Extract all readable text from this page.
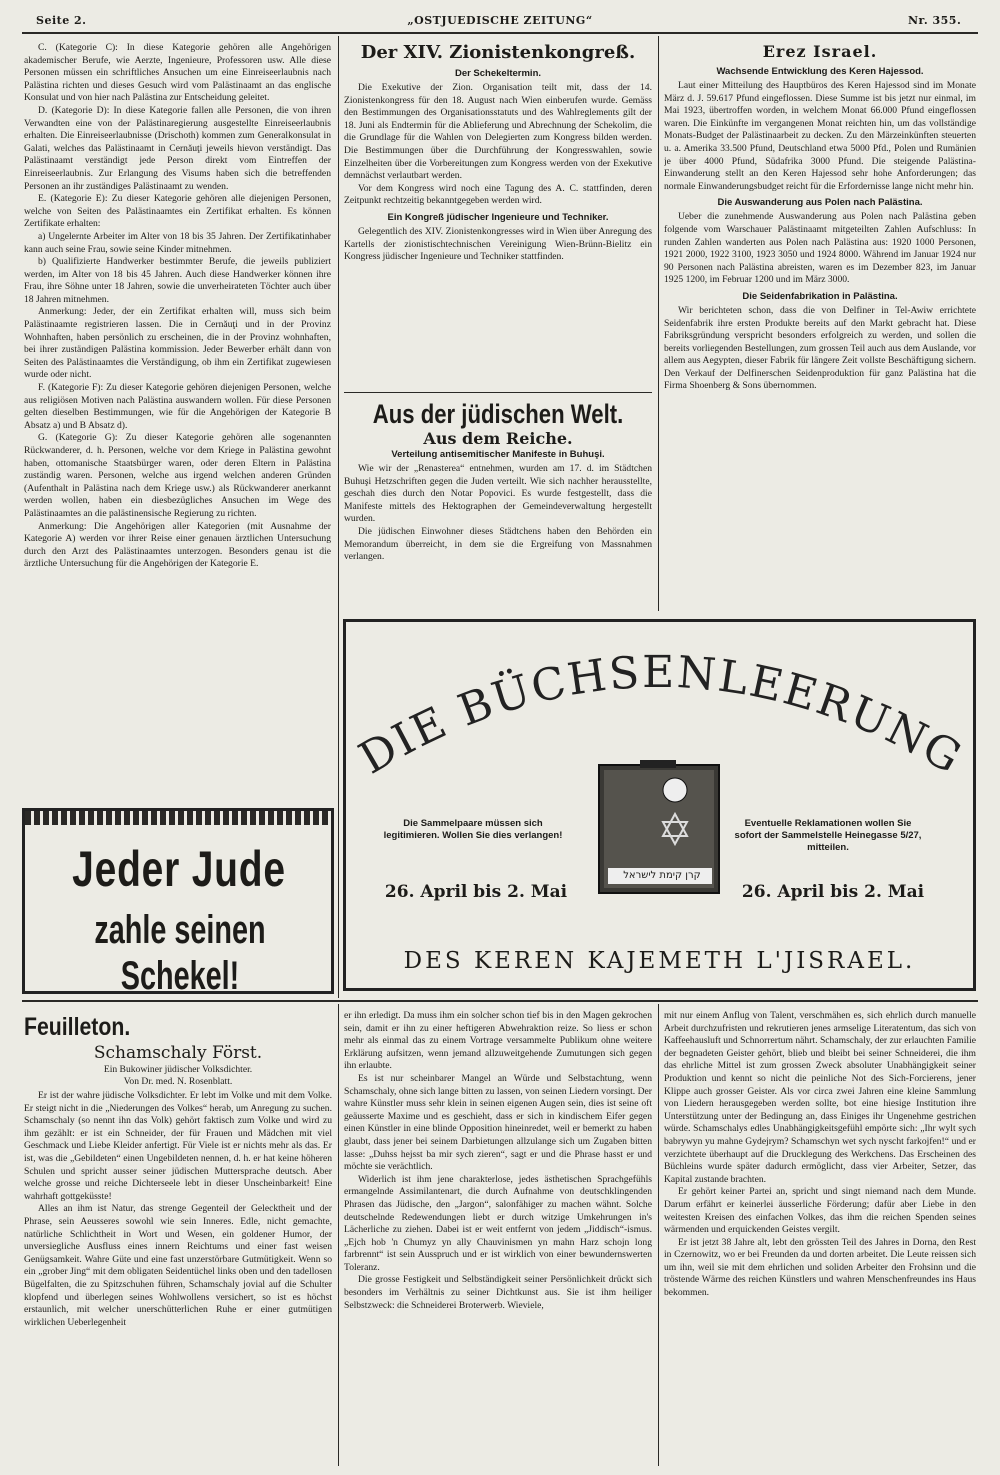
Seite 2.	„OSTJUEDISCHE ZEITUNG“	Nr. 355.

C. (Kategorie C): In diese Kategorie gehören alle Angehörigen akademischer Berufe, wie Aerzte, Ingenieure, Professoren usw. Alle diese Personen müssen ein schriftliches Ansuchen um eine Einreiseerlaubnis nach Palästina richten und dieses Gesuch wird vom Palästinaamt an das englische Konsulat und von hier nach Palästina zur Entscheidung geleitet.

D. (Kategorie D): In diese Kategorie fallen alle Personen, die von ihren Verwandten eine von der Palästinaregierung ausgestellte Einreiseerlaubnis erhalten. Die Einreiseerlaubnisse (Drischoth) kommen zum Generalkonsulat in Galati, welches das Palästinaamt in Cernăuţi jeweils hievon verständigt. Das Palästinaamt verständigt jede Person direkt vom Eintreffen der Einreiseerlaubnis. Zur Erlangung des Visums haben sich die betreffenden Personen an ihr zuständiges Palästinaamt zu wenden.

E. (Kategorie E): Zu dieser Kategorie gehören alle diejenigen Personen, welche von Seiten des Palästinaamtes ein Zertifikat erhalten. Es können Zertifikate erhalten:

a) Ungelernte Arbeiter im Alter von 18 bis 35 Jahren. Der Zertifikatinhaber kann auch seine Frau, sowie seine Kinder mitnehmen.

b) Qualifizierte Handwerker bestimmter Berufe, die jeweils publiziert werden, im Alter von 18 bis 45 Jahren. Auch diese Handwerker können ihre Frau, ihre Söhne unter 18 Jahren, sowie die unverheirateten Töchter auch über 18 Jahren mitnehmen.

Anmerkung: Jeder, der ein Zertifikat erhalten will, muss sich beim Palästinaamte registrieren lassen. Die in Cernăuţi und in der Provinz Wohnhaften, haben persönlich zu erscheinen, die in der Provinz wohnhaften, bei ihrer zuständigen Palästina kommission. Jeder Bewerber erhält dann von Seiten des Palästinaamtes die Verständigung, ob ihm ein Zertifikat zugewiesen wurde oder nicht.

F. (Kategorie F): Zu dieser Kategorie gehören diejenigen Personen, welche aus religiösen Motiven nach Palästina auswandern wollen. Für diese Personen gelten dieselben Bestimmungen, wie für die Angehörigen der Kategorie B Absatz a) und B Absatz d).

G. (Kategorie G): Zu dieser Kategorie gehören alle sogenannten Rückwanderer, d. h. Personen, welche vor dem Kriege in Palästina gewohnt haben, ottomanische Staatsbürger waren, oder deren Eltern in Palästina zuständig waren. Personen, welche aus irgend welchen anderen Gründen (Aufenthalt in Palästina nach dem Kriege usw.) als Rückwanderer anerkannt werden wollen, haben ein diesbezügliches Ansuchen im Wege des Palästinaamtes an die palästinensische Regierung zu richten.

Anmerkung: Die Angehörigen aller Kategorien (mit Ausnahme der Kategorie A) werden vor ihrer Reise einer genauen ärztlichen Untersuchung durch den Arzt des Palästinaamtes unterzogen. Besonders genau ist die ärztliche Untersuchung für die Angehörigen der Kategorie E.

Jeder Jude
zahle seinen Schekel!
Der XIV. Zionistenkongreß.
Der Schekeltermin.

Die Exekutive der Zion. Organisation teilt mit, dass der 14. Zionistenkongress für den 18. August nach Wien einberufen wurde. Gemäss den Bestimmungen des Organisationsstatuts und des Wahlreglements gilt der 18. Juni als Endtermin für die Ablieferung und Abrechnung der Schekolim, die die Grundlage für die Wahlen von Delegierten zum Kongress bilden werden. Die Bestimmungen über die Durchführung der Kongresswahlen, sowie Einzelheiten über die Vorbereitungen zum Kongress werden von der Exekutive demnächst verlautbart werden.

Vor dem Kongress wird noch eine Tagung des A. C. stattfinden, deren Zeitpunkt rechtzeitig bekanntgegeben werden wird.

Ein Kongreß jüdischer Ingenieure und Techniker.

Gelegentlich des XIV. Zionistenkongresses wird in Wien über Anregung des Kartells der zionistischtechnischen Vereinigung Wien-Brünn-Bielitz ein Kongress jüdischer Ingenieure und Techniker stattfinden.

Aus der jüdischen Welt.
Aus dem Reiche.
Verteilung antisemitischer Manifeste in Buhuşi.

Wie wir der „Renasterea“ entnehmen, wurden am 17. d. im Städtchen Buhuşi Hetzschriften gegen die Juden verteilt. Wie sich nachher herausstellte, geschah dies durch den Notar Popovici. Es wurde festgestellt, dass die Manifeste mittels des Hektographen der Gemeindeverwaltung hergestellt wurden.

Die jüdischen Einwohner dieses Städtchens haben den Behörden ein Memorandum überreicht, in dem sie die Ergreifung von Massnahmen verlangen.

Erez Israel.
Wachsende Entwicklung des Keren Hajessod.

Laut einer Mitteilung des Hauptbüros des Keren Hajessod sind im Monate März d. J. 59.617 Pfund eingeflossen. Diese Summe ist bis jetzt nur einmal, im Mai 1923, übertroffen worden, in welchem Monat 66.000 Pfund eingeflossen waren. Die Einkünfte im vergangenen Monat reichten hin, um das vollständige Monats-Budget der Palästinaarbeit zu decken. Zu den Märzeinkünften steuerten u. a. Amerika 33.500 Pfund, Deutschland etwa 5000 Pfd., Polen und Rumänien je über 4000 Pfund, Südafrika 3000 Pfund. Die steigende Palästina-Einwanderung stellt an den Keren Hajessod sehr hohe Anforderungen; das normale Einwanderungsbudget reicht für die Erfordernisse lange nicht mehr hin.

Die Auswanderung aus Polen nach Palästina.

Ueber die zunehmende Auswanderung aus Polen nach Palästina geben folgende vom Warschauer Palästinaamt mitgeteilten Zahlen Aufschluss: In runden Zahlen wanderten aus Polen nach Palästina aus: 1920 1000 Personen, 1921 2000, 1922 3100, 1923 3050 und 1924 8000. Während im Januar 1924 nur 90 Personen nach Palästina abreisten, waren es im Dezember 823, im Januar 1925 1200, im Februar 1200 und im März 3000.

Die Seidenfabrikation in Palästina.

Wir berichteten schon, dass die von Delfiner in Tel-Awiw errichtete Seidenfabrik ihre ersten Produkte bereits auf den Markt gebracht hat. Diese Fabriksgründung verspricht besonders erfolgreich zu werden, und sollen die bereits vorliegenden Bestellungen, zum grossen Teil auch aus dem Auslande, vor allem aus Aegypten, dieser Fabrik für längere Zeit vollste Beschäftigung sichern. Den Verkauf der Delfinerschen Seidenproduktion für ganz Palästina hat die Firma Shoenberg & Sons übernommen.

DIE BÜCHSENLEERUNG
קרן קימת לישראל
Die Sammelpaare müssen sich legitimieren. Wollen Sie dies verlangen!
Eventuelle Reklamationen wollen Sie sofort der Sammelstelle Heinegasse 5/27, mitteilen.
26. April bis 2. Mai	26. April bis 2. Mai
DES KEREN KAJEMETH L'JISRAEL.
Feuilleton.
Schamschaly Först.
Ein Bukowiner jüdischer Volksdichter.
Von Dr. med. N. Rosenblatt.

Er ist der wahre jüdische Volksdichter. Er lebt im Volke und mit dem Volke. Er steigt nicht in die „Niederungen des Volkes“ herab, um Anregung zu suchen. Schamschaly (so nennt ihn das Volk) gehört faktisch zum Volke und wird zu ihm gezählt: er ist ein Schneider, der für Frauen und Mädchen mit viel Geschmack und Liebe Kleider anfertigt. Für Viele ist er nichts mehr als das. Er ist, was die „Gebildeten“ einen Ungebildeten nennen, d. h. er hat keine höheren Schulen und spricht ausser seiner jüdischen Muttersprache deutsch. Aber welche grosse und reiche Dichterseele lebt in dieser Unscheinbarkeit! Eine wahrhaft gottgeküsste!

Alles an ihm ist Natur, das strenge Gegenteil der Gelecktheit und der Phrase, sein Aeusseres sowohl wie sein Inneres. Edle, nicht gemachte, natürliche Schlichtheit in Wort und Wesen, ein goldener Humor, der unversiegliche Ausfluss eines innern Reichtums und einer fast weisen Genügsamkeit. Wahre Güte und eine fast unzerstörbare Gutmütigkeit. Wenn so ein „grober Jing“ mit dem obligaten Seidentüchel links oben und den tadellosen Bügelfalten, die zu Spitzschuhen führen, Schamschaly jovial auf die Schulter klopfend und überlegen seines Wohlwollens versichert, so ist es höchst erstaunlich, mit welcher unerschütterlichen Ruhe er einer gutmütigen wirklichen Ueberlegenheit

er ihn erledigt. Da muss ihm ein solcher schon tief bis in den Magen gekrochen sein, damit er ihn zu einer heftigeren Abwehraktion reize. So liess er schon mehr als einmal das zu einem Vortrage versammelte Publikum ohne weitere Erklärung aufsitzen, wenn jemand allzuweitgehende Zumutungen sich gegen ihn erlaubte.

Es ist nur scheinbarer Mangel an Würde und Selbstachtung, wenn Schamschaly, ohne sich lange bitten zu lassen, von seinen Liedern vorsingt. Der wahre Künstler muss sehr klein in seinen eigenen Augen sein, dies ist seine oft geäusserte Maxime und es geschieht, dass er sich in kindischem Eifer gegen einen Künstler in eine blinde Opposition hineinredet, weil er bemerkt zu haben glaubt, dass jener bei seinem Darbietungen allzulange sich um Zugaben bitten lasse: „Duhss hejsst ba mir sych zieren“, sagt er und die Phrase hasst er und möchte sie verächtlich.

Widerlich ist ihm jene charakterlose, jedes ästhetischen Sprachgefühls ermangelnde Assimilantenart, die durch Aufnahme von deutschklingenden Phrasen das Jüdische, den „Jargon“, salonfähiger zu machen wähnt. Solche deutschelnde Redewendungen liebt er durch witzige Umkehrungen in's Lächerliche zu ziehen. Dabei ist er weit entfernt von jedem „Jiddisch“-ismus. „Ejch hob 'n Chumyz yn ally Chauvinismen yn mahn Harz schojn long farbrennt“ ist sein Ausspruch und er ist wirklich von einer bewundernswerten Toleranz.

Die grosse Festigkeit und Selbständigkeit seiner Persönlichkeit drückt sich besonders im Verhältnis zu seiner Dichtkunst aus. Sie ist ihm heiliger Selbstzweck: die Schneiderei Broterwerb. Wieviele,

mit nur einem Anflug von Talent, verschmähen es, sich ehrlich durch manuelle Arbeit durchzufristen und rekrutieren jenes armselige Literatentum, das sich von Kaffeehausluft und Schnorrertum nährt. Schamschaly, der zur erlauchten Familie der begnadeten Geister gehört, blieb und bleibt bei seiner Schneiderei, die ihm das ehrliche Mittel ist zum grossen Zweck absoluter Unabhängigkeit seiner Produktion und kennt so nicht die peinliche Not des Sich-Forcierens, jener Klippe auch grosser Geister. Als vor circa zwei Jahren eine kleine Sammlung von Liedern herausgegeben werden sollte, bot eine hiesige Institution ihre Unterstützung unter der Bedingung an, dass Einiges ihr Ungenehme gestrichen würde. Schamschalys edles Unabhängigkeitsgefühl empörte sich: „Ihr wylt sych babrywyn yu mahne Gydejrym? Schamschyn wet sych nyscht farkojfen!“ und er verzichtete überhaupt auf die Drucklegung des Werkchens. Das Erscheinen des Büchleins wurde später dadurch ermöglicht, dass vier Arbeiter, Setzer, das Kapital zustande brachten.

Er gehört keiner Partei an, spricht und singt niemand nach dem Munde. Darum erfährt er keinerlei äusserliche Förderung; dafür aber Liebe in den weitesten Kreisen des einfachen Volkes, das ihm die reichen Spenden seines wärmenden und erquickenden Geistes vergilt.

Er ist jetzt 38 Jahre alt, lebt den grössten Teil des Jahres in Dorna, den Rest in Czernowitz, wo er bei Freunden da und dorten arbeitet. Die Leute reissen sich um ihn, weil sie mit dem ehrlichen und soliden Arbeiter den Frohsinn und die tröstende Wärme des reichen Künstlers und wahren Menschenfreundes ins Haus bekommen.
